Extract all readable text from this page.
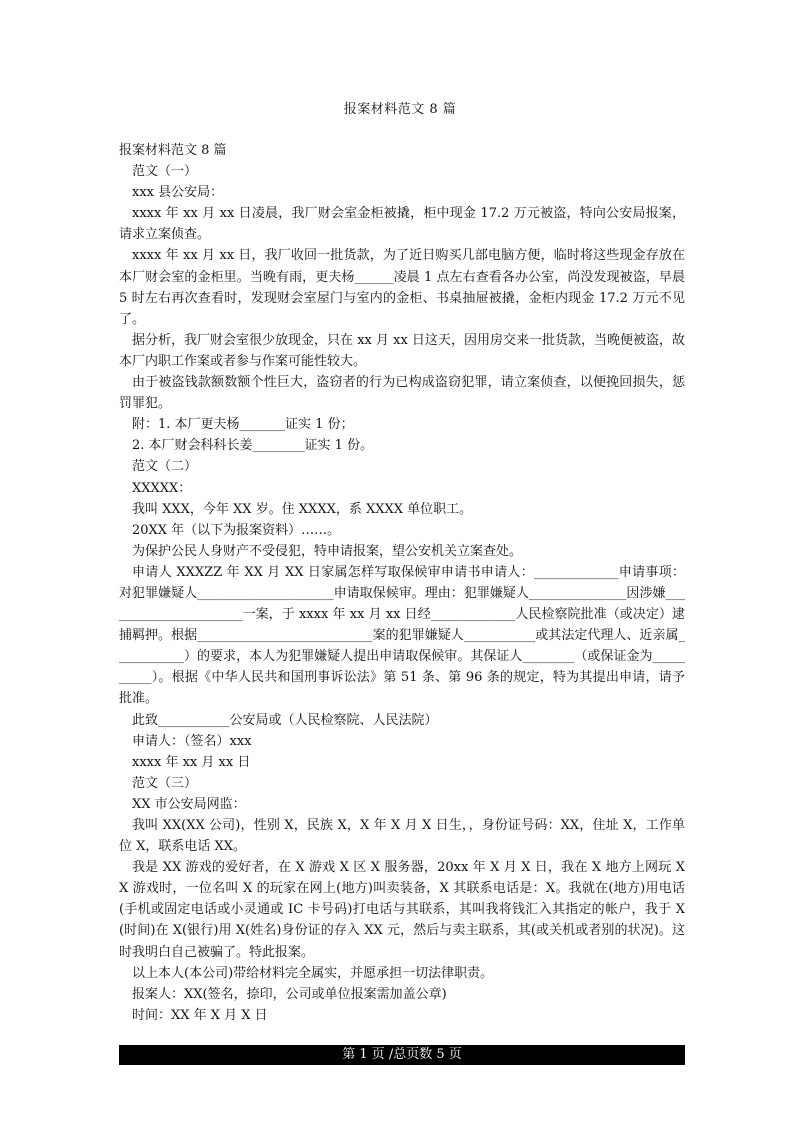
报案材料范文 8 篇

报案材料范文 8 篇

范文（一）

xxx 县公安局：

xxxx 年 xx 月 xx 日凌晨，我厂财会室金柜被撬，柜中现金 17.2 万元被盗，特向公安局报案，请求立案侦查。

xxxx 年 xx 月 xx 日，我厂收回一批货款，为了近日购买几部电脑方便，临时将这些现金存放在本厂财会室的金柜里。当晚有雨，更夫杨______凌晨 1 点左右查看各办公室，尚没发现被盗，早晨 5 时左右再次查看时，发现财会室屋门与室内的金柜、书桌抽屉被撬，金柜内现金 17.2 万元不见了。

据分析，我厂财会室很少放现金，只在 xx 月 xx 日这天，因用房交来一批货款，当晚便被盗，故本厂内职工作案或者参与作案可能性较大。

由于被盗钱款额数额个性巨大，盗窃者的行为已构成盗窃犯罪，请立案侦查，以便挽回损失，惩罚罪犯。

附：1. 本厂更夫杨_______证实 1 份；

2. 本厂财会科科长姜________证实 1 份。

范文（二）

XXXXX：

我叫 XXX，今年 XX 岁。住 XXXX，系 XXXX 单位职工。

20XX 年（以下为报案资料）……。

为保护公民人身财产不受侵犯，特申请报案，望公安机关立案查处。

申请人 XXXZZ 年 XX 月 XX 日家属怎样写取保候审申请书申请人：_____________申请事项：对犯罪嫌疑人_____________________申请取保候审。理由：犯罪嫌疑人_______________因涉嫌______________________一案，于 xxxx 年 xx 月 xx 日经_____________人民检察院批准（或决定）逮捕羁押。根据___________________________案的犯罪嫌疑人___________或其法定代理人、近亲属___________）的要求，本人为犯罪嫌疑人提出申请取保候审。其保证人________（或保证金为__________）。根据《中华人民共和国刑事诉讼法》第 51 条、第 96 条的规定，特为其提出申请，请予批准。

此致___________公安局或（人民检察院、人民法院）

申请人：（签名）xxx

xxxx 年 xx 月 xx 日

范文（三）

XX 市公安局网监：

我叫 XX(XX 公司)，性别 X，民族 X，X 年 X 月 X 日生，，身份证号码：XX，住址 X，工作单位 X，联系电话 XX。

我是 XX 游戏的爱好者，在 X 游戏 X 区 X 服务器，20xx 年 X 月 X 日，我在 X 地方上网玩 XX 游戏时，一位名叫 X 的玩家在网上(地方)叫卖装备，X 其联系电话是：X。我就在(地方)用电话(手机或固定电话或小灵通或 IC 卡号码)打电话与其联系，其叫我将钱汇入其指定的帐户，我于 X(时间)在 X(银行)用 X(姓名)身份证的存入 XX 元，然后与卖主联系，其(或关机或者别的状况)。这时我明白自己被骗了。特此报案。

以上本人(本公司)带给材料完全属实，并愿承担一切法律职责。

报案人：XX(签名，捺印，公司或单位报案需加盖公章)

时间：XX 年 X 月 X 日

第 1 页 /总页数 5 页
